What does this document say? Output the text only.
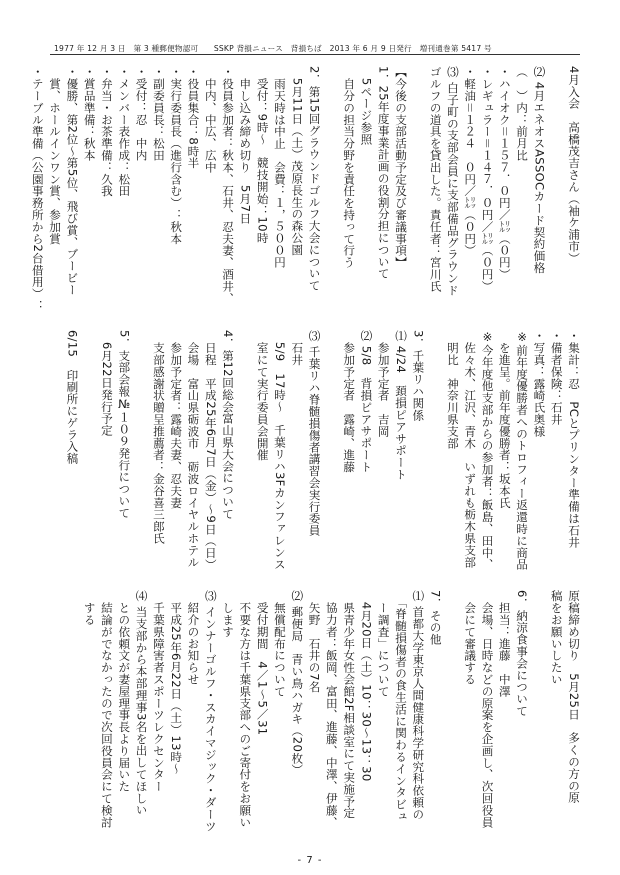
1977 年 12 月 3 日　第 3 種郵便物認可　　SSKP 背損ニュース　背損ちば　2013 年 6 月 9 日発行　増刊通巻第 5417 号
4月入会　高橋茂吉さん（袖ケ浦市）
⑵ 4月エネオスASSOCカード契約価格
（　）内：前月比
・ハイオク＝１５７．０円／㍑（０円）
・レギュラー＝１４７．０円／㍑（０円）
・軽油＝１２４　０円／㍑（０円）
⑶ 白子町の支部会員に支部備品グラウンド
ゴルフの道具を貸出した。責任者：宮川氏
【今後の支部活動予定及び審議事項】
1．25年度事業計画の役割分担について
　5ページ参照
　自分の担当分野を責任を持って行う
2．第15回グラウンドゴルフ大会について
　5月11日（土）茂原長生の森公園
　雨天時は中止　会費：１，５００円
　受付：9時～　競技開始：10時
　申し込み締め切り　5月7日
・役員参加者：秋本、石井、忍夫妻、酒井、
　中内、中広、広中
・役員集合：8時半
・実行委員長（進行含む）：秋本
・副委員長：松田
・受付：忍　中内
・メンバー表作成：松田
・弁当・お茶準備：久我
・賞品準備：秋本
・優勝、第2位～第5位、飛び賞、ブービー
　賞、ホールインワン賞、参加賞
・テーブル準備（公園事務所から2台借用）：
・集計：忍　PCとプリンター準備は石井
・備者保険：石井
・写真：露崎氏奥様
※前年度優勝者へのトロフィー返還時に商品
　を進呈。前年度優勝者：坂本氏
※今年度他支部からの参加者：飯島、田中、
　佐々木、江沢、青木　いずれも栃木県支部
　明比　神奈川県支部
3．千葉リハ関係
⑴ 4/24　頚損ピアサポート
　参加予定者　吉岡
⑵ 5/8　背損ピアサポート
　参加予定者　露崎、進藤
⑶ 千葉リハ脊髄損傷者講習会実行委員
　石井
　5/9　17時～　千葉リハ3Fカンファレンス
　室にて実行委員会開催
4．第12回総会富山県大会について
　日程　平成25年6月7日（金）～9日（日）
　会場　富山県砺波市　砺波ロイヤルホテル
　参加予定者：露崎夫妻、忍夫妻
　支部感謝状贈呈推薦者：金谷喜三郎氏
5．支部会報№１０９発行について
　6月22日発行予定
6/15　印刷所にゲラ入稿
原稿締め切り　5月25日　多くの方の原
稿をお願いしたい
6．納涼食事会について
　担当：進藤　中澤
　会場、日時などの原案を企画し、次回役員
　会にて審議する
7．その他
⑴ 首都大学東京人間健康科学研究科依頼の
　「脊髄損傷者の食生活に関わるインタビュ
　ー調査」について
　4月20日（土）10：30～13：30
　県青少年女性会館2F相談室にて実施予定
　協力者：飯岡、富田、進藤、中澤、伊藤、
　矢野　石井の7名
⑵ 郵便局　青い鳥ハガキ（20枚）
　無償配布について
　受付期間　4／1～5／31
　不要な方は千葉県支部へのご寄付をお願い
　します
⑶ インナーゴルフ・スカイマジック・ダーツ
　紹介のお知らせ
　平成25年6月22日（土）13時～
　千葉県障害者スポーツレクセンター
⑷ 当支部から本部理事3名を出してほしい
　との依頼文が妻屋理事長より届いた
　結論がでなかったので次回役員会にて検討
　する
- 7 -
